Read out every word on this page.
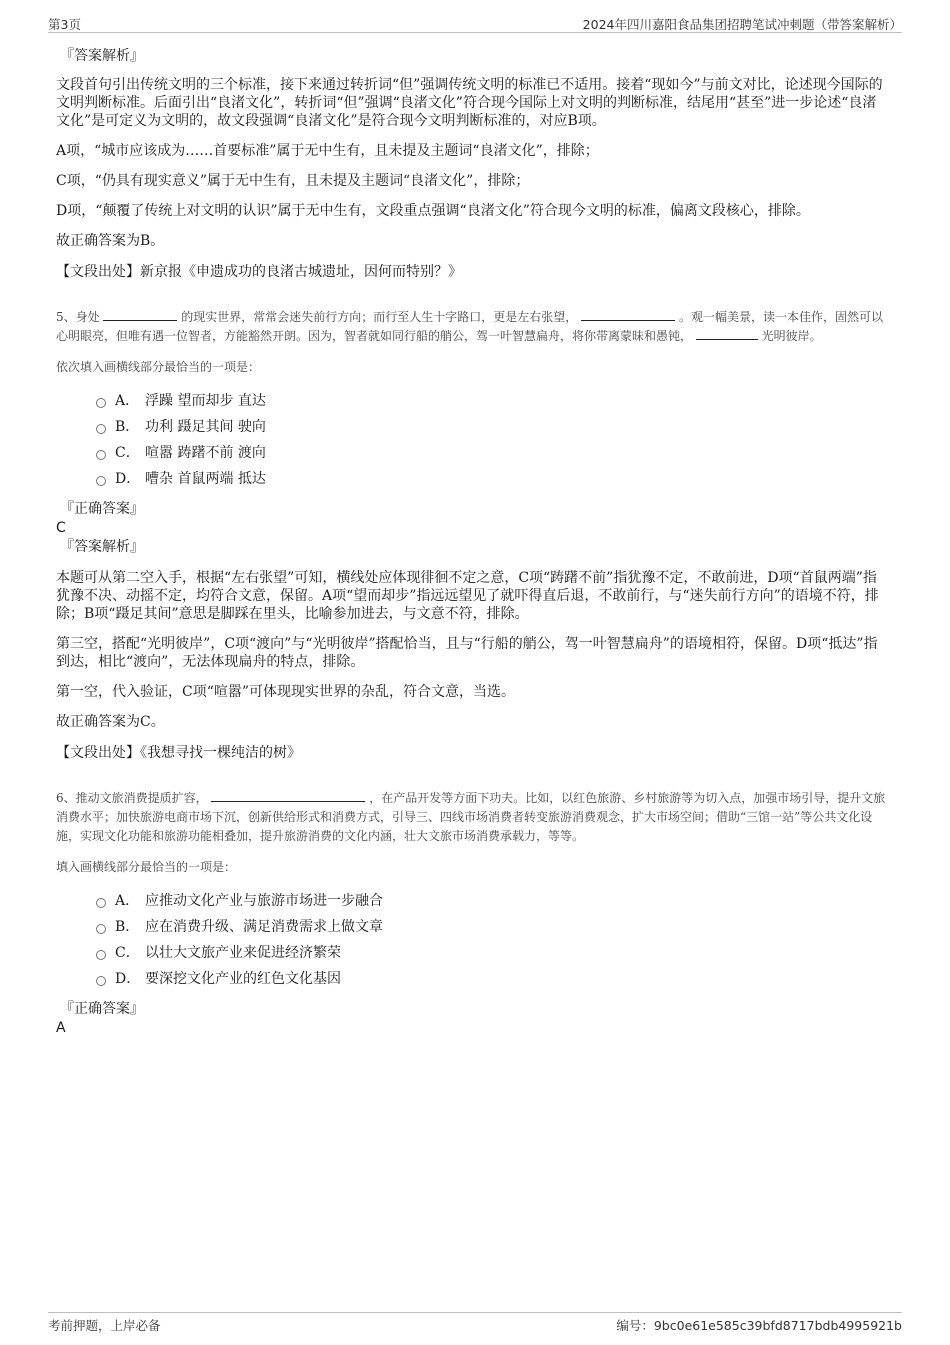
第3页	2024年四川嘉阳食品集团招聘笔试冲刺题（带答案解析）
『答案解析』
文段首句引出传统文明的三个标准，接下来通过转折词“但”强调传统文明的标准已不适用。接着“现如今”与前文对比，论述现今国际的文明判断标准。后面引出“良渚文化”，转折词“但”强调“良渚文化”符合现今国际上对文明的判断标准，结尾用“甚至”进一步论述“良渚文化”是可定义为文明的，故文段强调“良渚文化”是符合现今文明判断标准的，对应B项。
A项，“城市应该成为……首要标准”属于无中生有，且未提及主题词“良渚文化”，排除；
C项，“仍具有现实意义”属于无中生有，且未提及主题词“良渚文化”，排除；
D项，“颠覆了传统上对文明的认识”属于无中生有，文段重点强调“良渚文化”符合现今文明的标准，偏离文段核心，排除。
故正确答案为B。
【文段出处】新京报《申遗成功的良渚古城遗址，因何而特别？》
5、身处	的现实世界，常常会迷失前行方向；而行至人生十字路口，更是左右张望，	。观一幅美景，读一本佳作，固然可以心明眼亮，但唯有遇一位智者，方能豁然开朗。因为，智者就如同行船的艄公，驾一叶智慧扁舟，将你带离蒙昧和愚钝，	光明彼岸。
依次填入画横线部分最恰当的一项是：
A． 浮躁 望而却步 直达
B． 功利 蹑足其间 驶向
C． 喧嚣 踌躇不前 渡向
D． 嘈杂 首鼠两端 抵达
『正确答案』
C
『答案解析』
本题可从第二空入手，根据“左右张望”可知，横线处应体现徘徊不定之意，C项“踌躇不前”指犹豫不定，不敢前进，D项“首鼠两端”指犹豫不决、动摇不定，均符合文意，保留。A项“望而却步”指远远望见了就吓得直后退，不敢前行，与“迷失前行方向”的语境不符，排除；B项“蹑足其间”意思是脚踩在里头，比喻参加进去，与文意不符，排除。
第三空，搭配“光明彼岸”，C项“渡向”与“光明彼岸”搭配恰当，且与“行船的艄公，驾一叶智慧扁舟”的语境相符，保留。D项“抵达”指到达，相比“渡向”，无法体现扁舟的特点，排除。
第一空，代入验证，C项“喧嚣”可体现现实世界的杂乱，符合文意，当选。
故正确答案为C。
【文段出处】《我想寻找一棵纯洁的树》
6、推动文旅消费提质扩容，	，在产品开发等方面下功夫。比如，以红色旅游、乡村旅游等为切入点，加强市场引导，提升文旅消费水平；加快旅游电商市场下沉，创新供给形式和消费方式，引导三、四线市场消费者转变旅游消费观念，扩大市场空间；借助“三馆一站”等公共文化设施，实现文化功能和旅游功能相叠加，提升旅游消费的文化内涵，壮大文旅市场消费承载力，等等。
填入画横线部分最恰当的一项是：
A． 应推动文化产业与旅游市场进一步融合
B． 应在消费升级、满足消费需求上做文章
C． 以壮大文旅产业来促进经济繁荣
D． 要深挖文化产业的红色文化基因
『正确答案』
A
考前押题，上岸必备	编号：9bc0e61e585c39bfd8717bdb4995921b
